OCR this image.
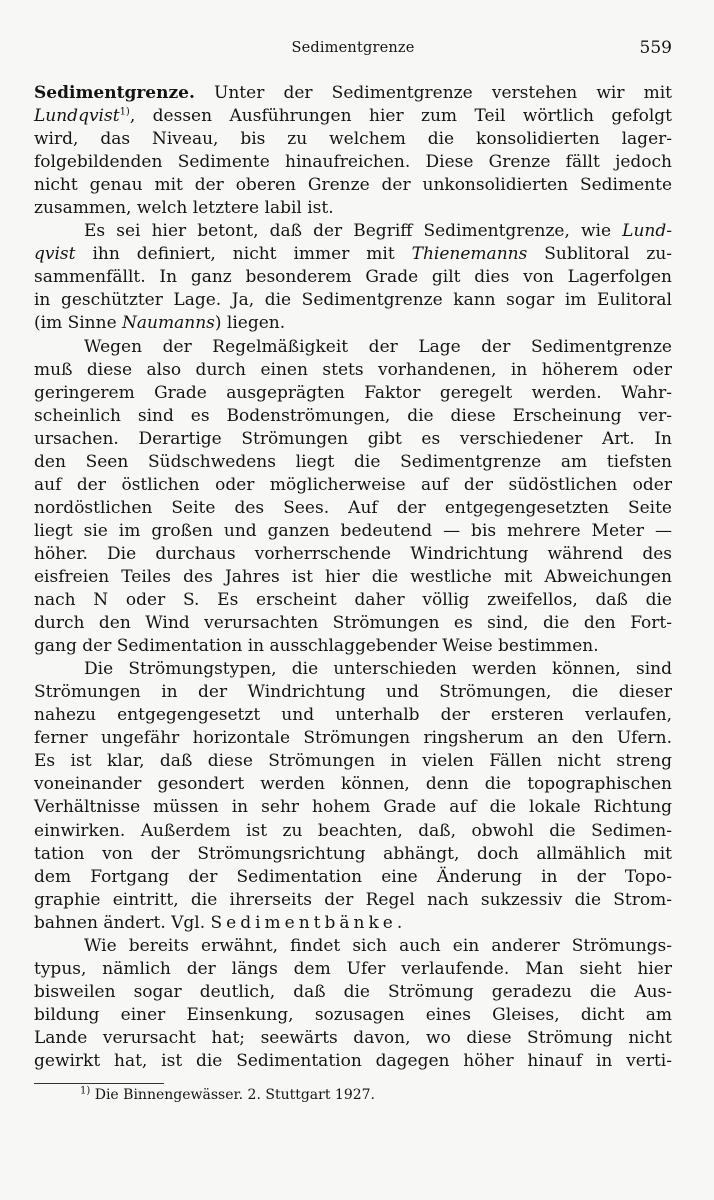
Sedimentgrenze	559

Sedimentgrenze. Unter der Sedimentgrenze verstehen wir mit
Lundqvist$^{1)}$, dessen Ausführungen hier zum Teil wörtlich gefolgt
wird, das Niveau, bis zu welchem die konsolidierten lager-
folgebildenden Sedimente hinaufreichen. Diese Grenze fällt jedoch
nicht genau mit der oberen Grenze der unkonsolidierten Sedimente
zusammen, welch letztere labil ist.

Es sei hier betont, daß der Begriff Sedimentgrenze, wie Lund-
qvist ihn definiert, nicht immer mit Thienemanns Sublitoral zu-
sammenfällt. In ganz besonderem Grade gilt dies von Lagerfolgen
in geschützter Lage. Ja, die Sedimentgrenze kann sogar im Eulitoral
(im Sinne Naumanns) liegen.

Wegen der Regelmäßigkeit der Lage der Sedimentgrenze
muß diese also durch einen stets vorhandenen, in höherem oder
geringerem Grade ausgeprägten Faktor geregelt werden. Wahr-
scheinlich sind es Bodenströmungen, die diese Erscheinung ver-
ursachen. Derartige Strömungen gibt es verschiedener Art. In
den Seen Südschwedens liegt die Sedimentgrenze am tiefsten
auf der östlichen oder möglicherweise auf der südöstlichen oder
nordöstlichen Seite des Sees. Auf der entgegengesetzten Seite
liegt sie im großen und ganzen bedeutend — bis mehrere Meter —
höher. Die durchaus vorherrschende Windrichtung während des
eisfreien Teiles des Jahres ist hier die westliche mit Abweichungen
nach N oder S. Es erscheint daher völlig zweifellos, daß die
durch den Wind verursachten Strömungen es sind, die den Fort-
gang der Sedimentation in ausschlaggebender Weise bestimmen.

Die Strömungstypen, die unterschieden werden können, sind
Strömungen in der Windrichtung und Strömungen, die dieser
nahezu entgegengesetzt und unterhalb der ersteren verlaufen,
ferner ungefähr horizontale Strömungen ringsherum an den Ufern.
Es ist klar, daß diese Strömungen in vielen Fällen nicht streng
voneinander gesondert werden können, denn die topographischen
Verhältnisse müssen in sehr hohem Grade auf die lokale Richtung
einwirken. Außerdem ist zu beachten, daß, obwohl die Sedimen-
tation von der Strömungsrichtung abhängt, doch allmählich mit
dem Fortgang der Sedimentation eine Änderung in der Topo-
graphie eintritt, die ihrerseits der Regel nach sukzessiv die Strom-
bahnen ändert. Vgl. Sedimentbänke.

Wie bereits erwähnt, findet sich auch ein anderer Strömungs-
typus, nämlich der längs dem Ufer verlaufende. Man sieht hier
bisweilen sogar deutlich, daß die Strömung geradezu die Aus-
bildung einer Einsenkung, sozusagen eines Gleises, dicht am
Lande verursacht hat; seewärts davon, wo diese Strömung nicht
gewirkt hat, ist die Sedimentation dagegen höher hinauf in verti-

$^{1)}$ Die Binnengewässer. 2. Stuttgart 1927.
